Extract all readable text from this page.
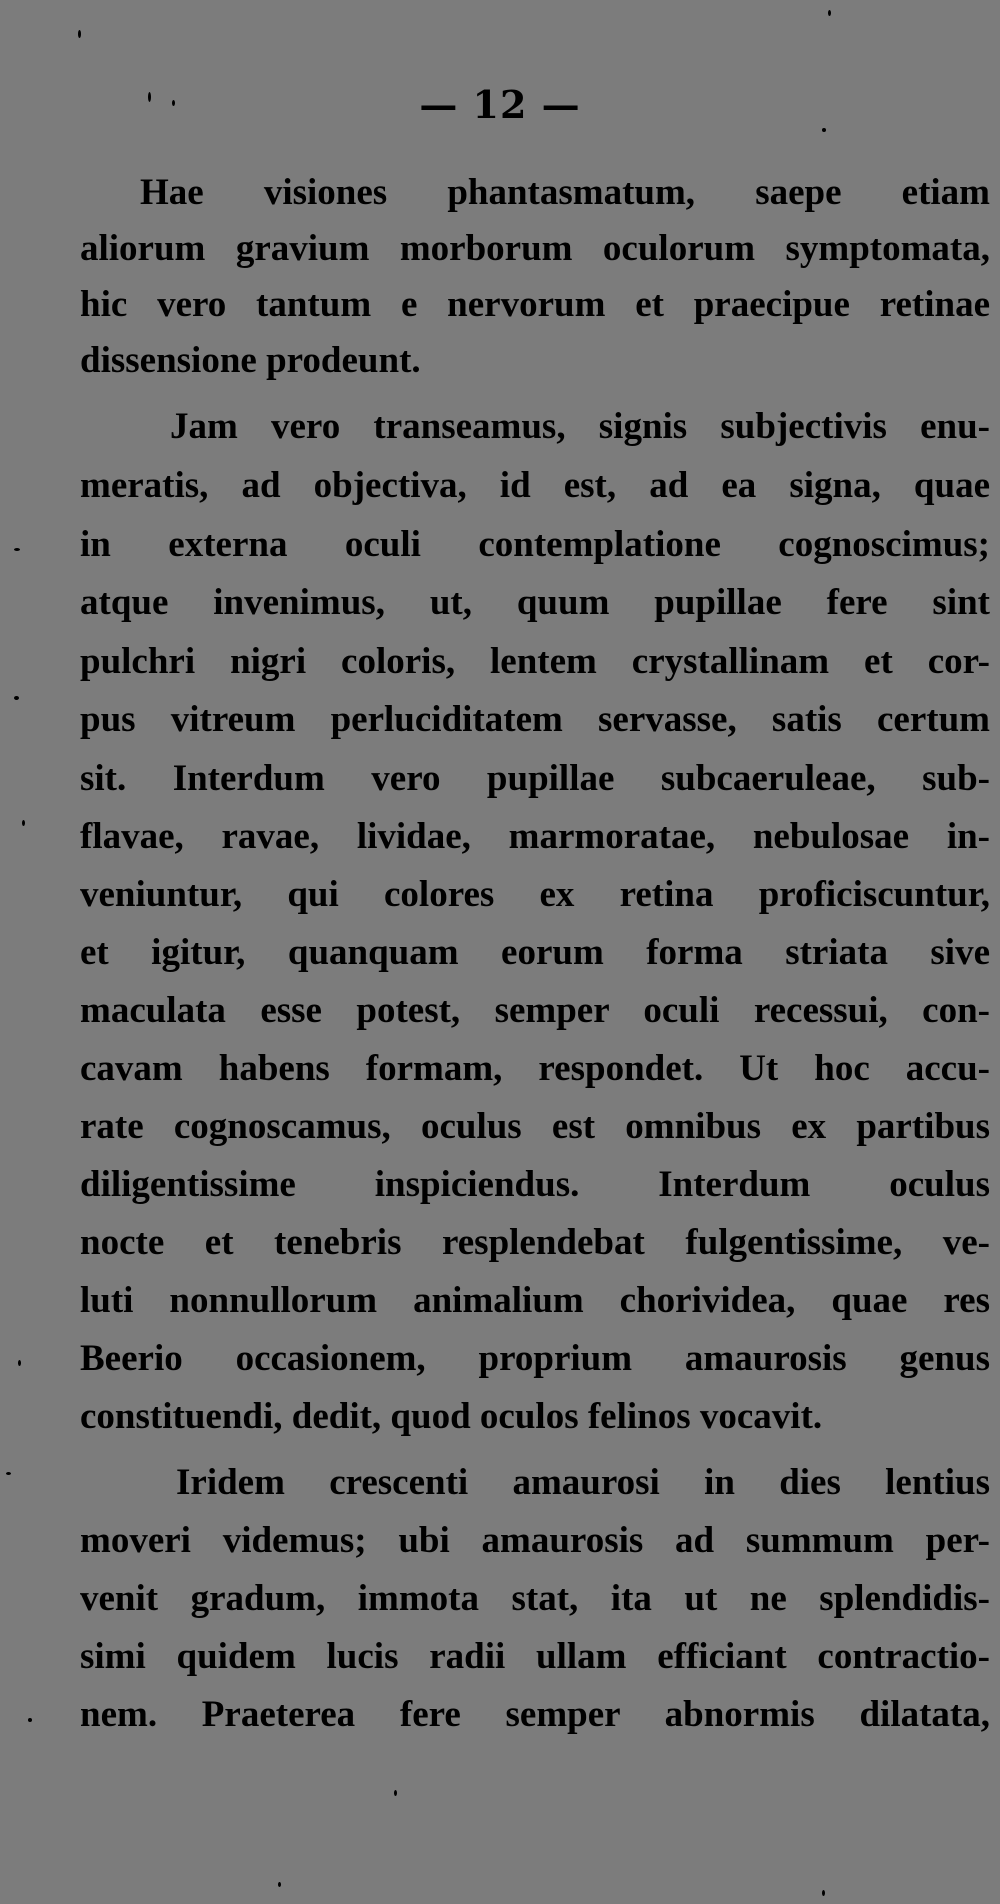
— 12 —
Hae visiones phantasmatum, saepe etiam
aliorum gravium morborum oculorum symptomata,
hic vero tantum e nervorum et praecipue retinae
dissensione prodeunt.
Jam vero transeamus, signis subjectivis enu-
meratis, ad objectiva, id est, ad ea signa, quae
in externa oculi contemplatione cognoscimus;
atque invenimus, ut, quum pupillae fere sint
pulchri nigri coloris, lentem crystallinam et cor-
pus vitreum perluciditatem servasse, satis certum
sit. Interdum vero pupillae subcaeruleae, sub-
flavae, ravae, lividae, marmoratae, nebulosae in-
veniuntur, qui colores ex retina proficiscuntur,
et igitur, quanquam eorum forma striata sive
maculata esse potest, semper oculi recessui, con-
cavam habens formam, respondet. Ut hoc accu-
rate cognoscamus, oculus est omnibus ex partibus
diligentissime inspiciendus. Interdum oculus
nocte et tenebris resplendebat fulgentissime, ve-
luti nonnullorum animalium chorividea, quae res
Beerio occasionem, proprium amaurosis genus
constituendi, dedit, quod oculos felinos vocavit.
Iridem crescenti amaurosi in dies lentius
moveri videmus; ubi amaurosis ad summum per-
venit gradum, immota stat, ita ut ne splendidis-
simi quidem lucis radii ullam efficiant contractio-
nem. Praeterea fere semper abnormis dilatata,
